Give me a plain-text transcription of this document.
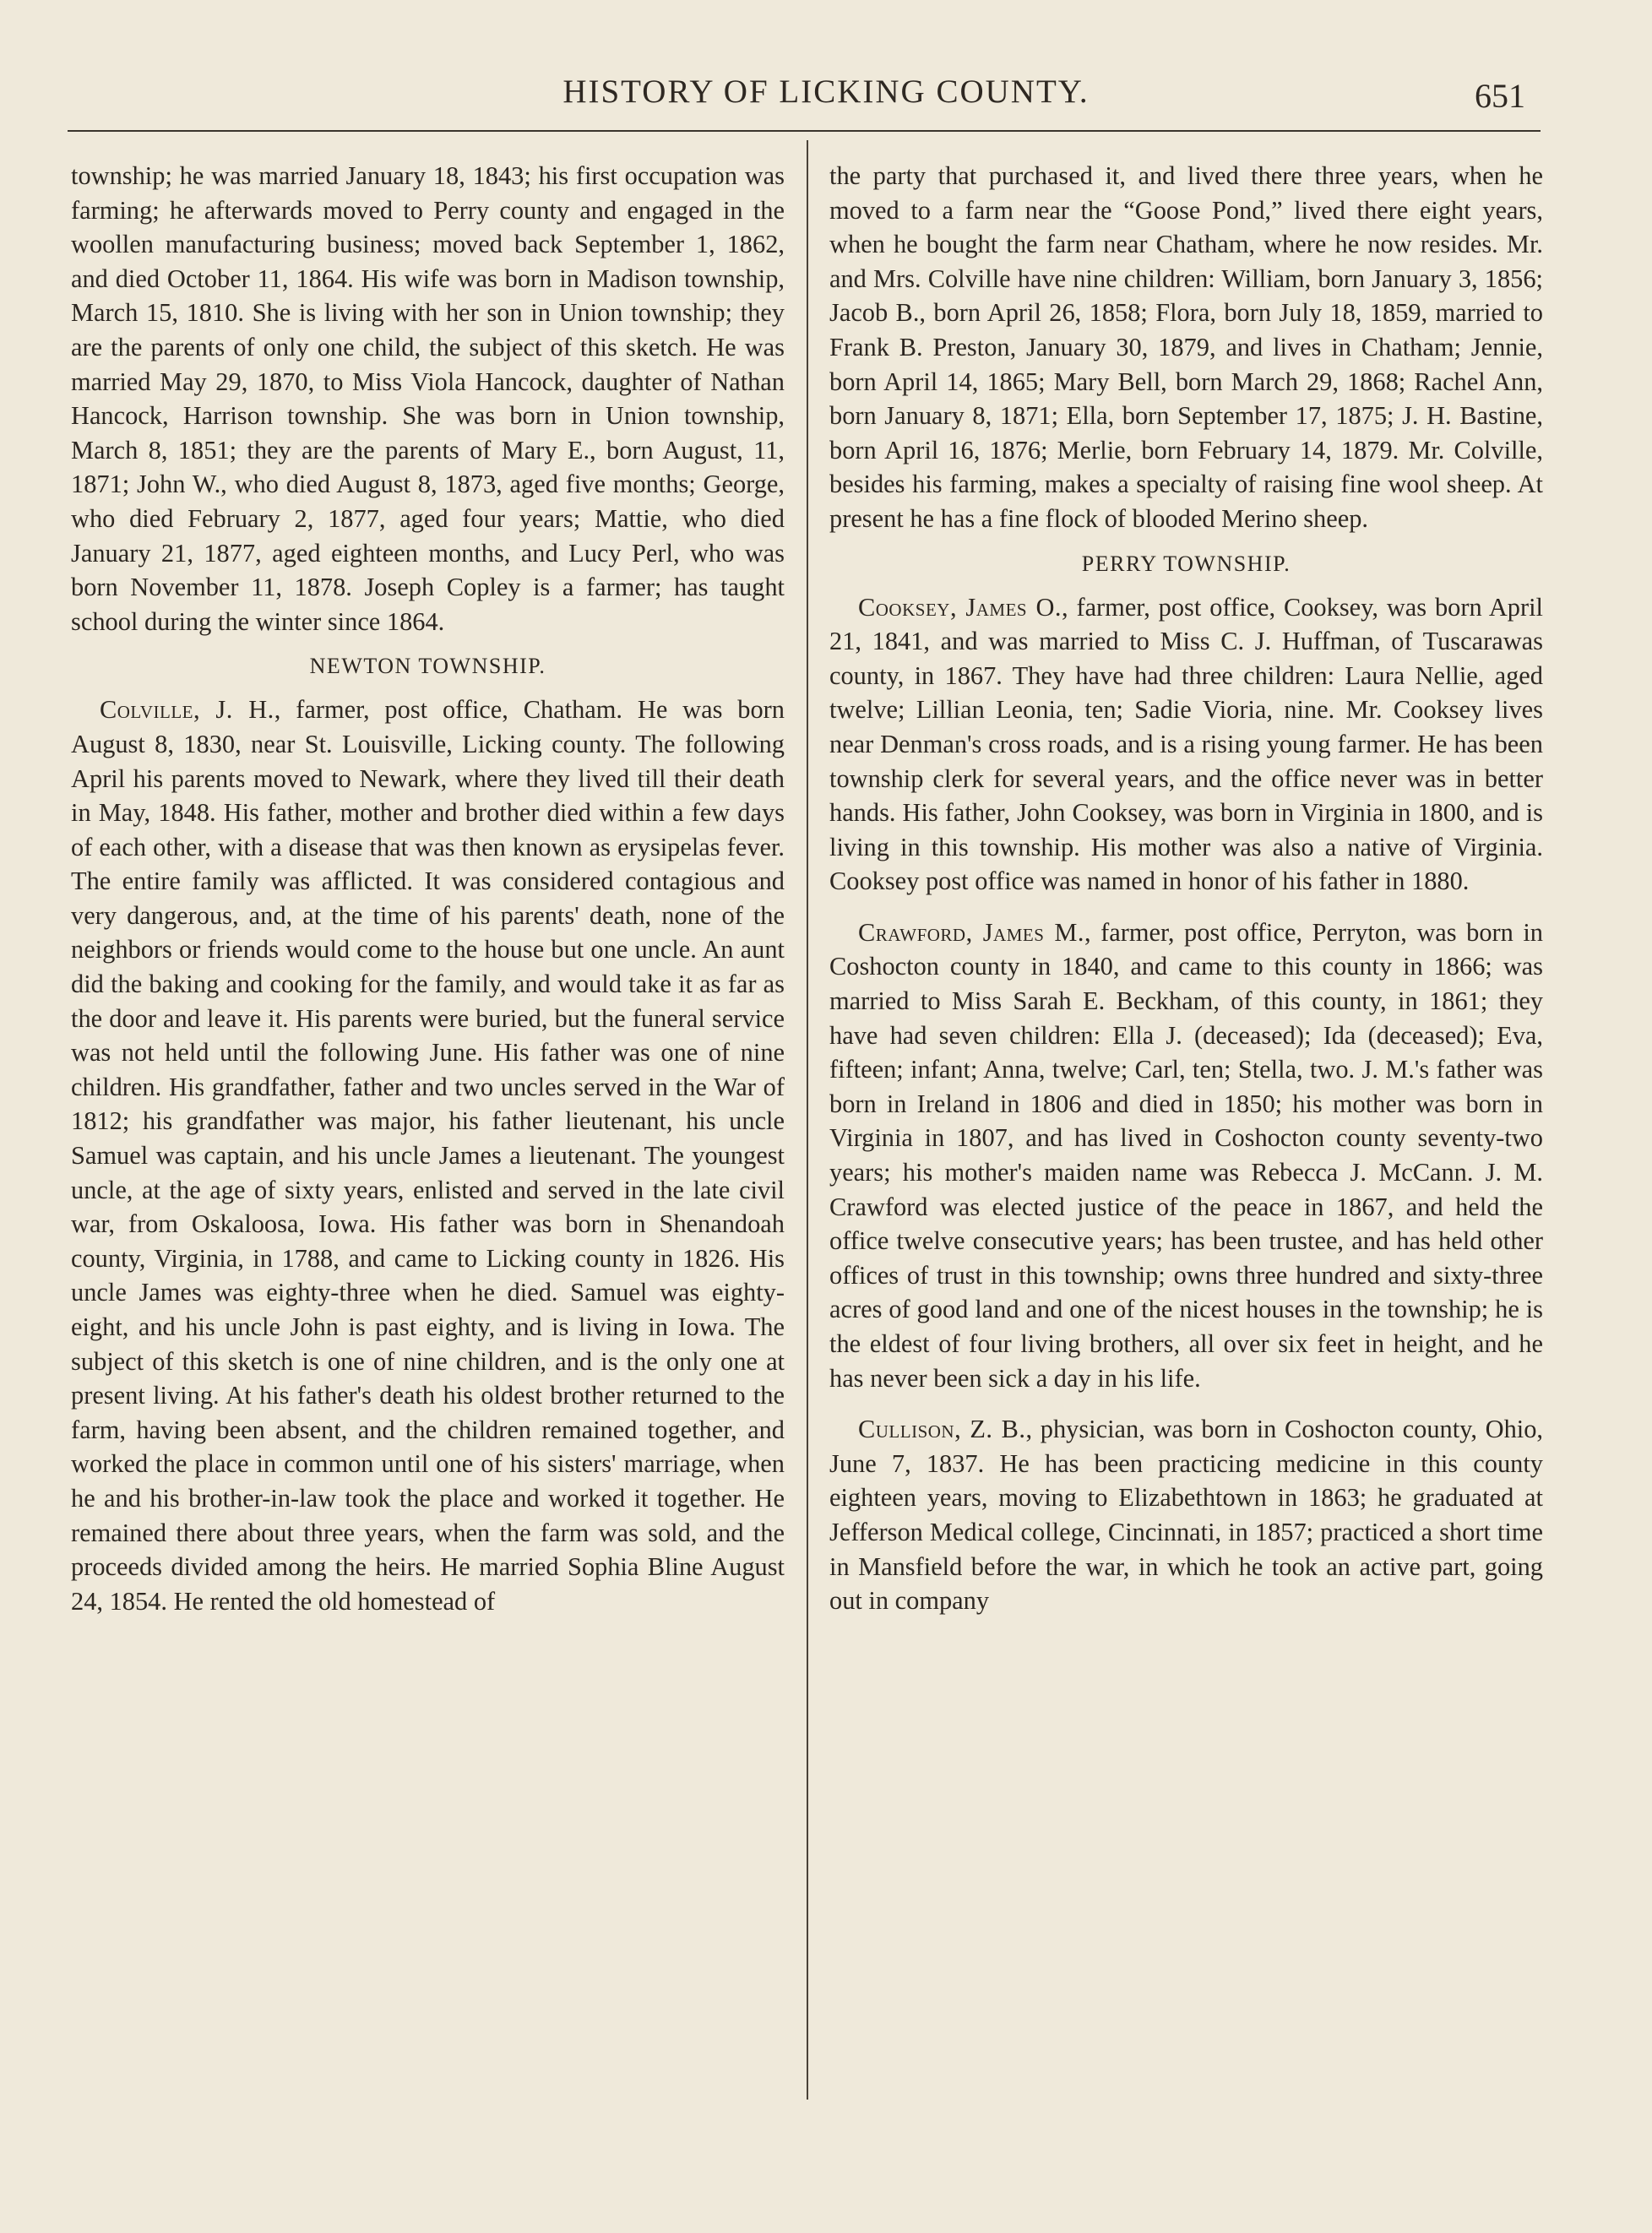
HISTORY OF LICKING COUNTY.	651

township; he was married January 18, 1843; his first occupation was farming; he afterwards moved to Perry county and engaged in the woollen manufacturing business; moved back September 1, 1862, and died October 11, 1864. His wife was born in Madison township, March 15, 1810. She is living with her son in Union township; they are the parents of only one child, the subject of this sketch. He was married May 29, 1870, to Miss Viola Hancock, daughter of Nathan Hancock, Harrison township. She was born in Union township, March 8, 1851; they are the parents of Mary E., born August, 11, 1871; John W., who died August 8, 1873, aged five months; George, who died February 2, 1877, aged four years; Mattie, who died January 21, 1877, aged eighteen months, and Lucy Perl, who was born November 11, 1878. Joseph Copley is a farmer; has taught school during the winter since 1864.

NEWTON TOWNSHIP.

Colville, J. H., farmer, post office, Chatham. He was born August 8, 1830, near St. Louisville, Licking county. The following April his parents moved to Newark, where they lived till their death in May, 1848. His father, mother and brother died within a few days of each other, with a disease that was then known as erysipelas fever. The entire family was afflicted. It was considered contagious and very dangerous, and, at the time of his parents' death, none of the neighbors or friends would come to the house but one uncle. An aunt did the baking and cooking for the family, and would take it as far as the door and leave it. His parents were buried, but the funeral service was not held until the following June. His father was one of nine children. His grandfather, father and two uncles served in the War of 1812; his grandfather was major, his father lieutenant, his uncle Samuel was captain, and his uncle James a lieutenant. The youngest uncle, at the age of sixty years, enlisted and served in the late civil war, from Oskaloosa, Iowa. His father was born in Shenandoah county, Virginia, in 1788, and came to Licking county in 1826. His uncle James was eighty-three when he died. Samuel was eighty-eight, and his uncle John is past eighty, and is living in Iowa. The subject of this sketch is one of nine children, and is the only one at present living. At his father's death his oldest brother returned to the farm, having been absent, and the children remained together, and worked the place in common until one of his sisters' marriage, when he and his brother-in-law took the place and worked it together. He remained there about three years, when the farm was sold, and the proceeds divided among the heirs. He married Sophia Bline August 24, 1854. He rented the old homestead of

the party that purchased it, and lived there three years, when he moved to a farm near the “Goose Pond,” lived there eight years, when he bought the farm near Chatham, where he now resides. Mr. and Mrs. Colville have nine children: William, born January 3, 1856; Jacob B., born April 26, 1858; Flora, born July 18, 1859, married to Frank B. Preston, January 30, 1879, and lives in Chatham; Jennie, born April 14, 1865; Mary Bell, born March 29, 1868; Rachel Ann, born January 8, 1871; Ella, born September 17, 1875; J. H. Bastine, born April 16, 1876; Merlie, born February 14, 1879. Mr. Colville, besides his farming, makes a specialty of raising fine wool sheep. At present he has a fine flock of blooded Merino sheep.

PERRY TOWNSHIP.

Cooksey, James O., farmer, post office, Cooksey, was born April 21, 1841, and was married to Miss C. J. Huffman, of Tuscarawas county, in 1867. They have had three children: Laura Nellie, aged twelve; Lillian Leonia, ten; Sadie Vioria, nine. Mr. Cooksey lives near Denman's cross roads, and is a rising young farmer. He has been township clerk for several years, and the office never was in better hands. His father, John Cooksey, was born in Virginia in 1800, and is living in this township. His mother was also a native of Virginia. Cooksey post office was named in honor of his father in 1880.

Crawford, James M., farmer, post office, Perryton, was born in Coshocton county in 1840, and came to this county in 1866; was married to Miss Sarah E. Beckham, of this county, in 1861; they have had seven children: Ella J. (deceased); Ida (deceased); Eva, fifteen; infant; Anna, twelve; Carl, ten; Stella, two. J. M.'s father was born in Ireland in 1806 and died in 1850; his mother was born in Virginia in 1807, and has lived in Coshocton county seventy-two years; his mother's maiden name was Rebecca J. McCann. J. M. Crawford was elected justice of the peace in 1867, and held the office twelve consecutive years; has been trustee, and has held other offices of trust in this township; owns three hundred and sixty-three acres of good land and one of the nicest houses in the township; he is the eldest of four living brothers, all over six feet in height, and he has never been sick a day in his life.

Cullison, Z. B., physician, was born in Coshocton county, Ohio, June 7, 1837. He has been practicing medicine in this county eighteen years, moving to Elizabethtown in 1863; he graduated at Jefferson Medical college, Cincinnati, in 1857; practiced a short time in Mansfield before the war, in which he took an active part, going out in company
